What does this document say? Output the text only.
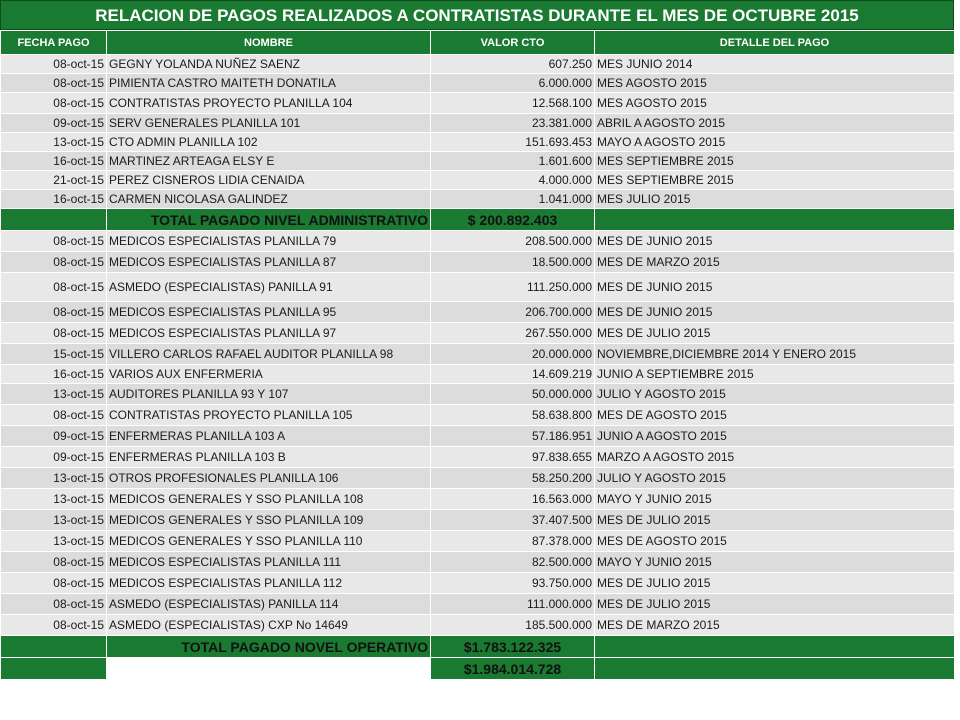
RELACION DE PAGOS REALIZADOS A CONTRATISTAS DURANTE EL MES DE OCTUBRE 2015
FECHA PAGO	NOMBRE	VALOR CTO	DETALLE DEL PAGO
08-oct-15	GEGNY YOLANDA NUÑEZ SAENZ	607.250	MES JUNIO 2014
08-oct-15	PIMIENTA CASTRO MAITETH DONATILA	6.000.000	MES AGOSTO 2015
08-oct-15	CONTRATISTAS PROYECTO PLANILLA 104	12.568.100	MES AGOSTO 2015
09-oct-15	SERV GENERALES PLANILLA 101	23.381.000	ABRIL A AGOSTO 2015
13-oct-15	CTO ADMIN PLANILLA 102	151.693.453	MAYO A AGOSTO 2015
16-oct-15	MARTINEZ ARTEAGA ELSY E	1.601.600	MES SEPTIEMBRE 2015
21-oct-15	PEREZ CISNEROS LIDIA CENAIDA	4.000.000	MES SEPTIEMBRE 2015
16-oct-15	CARMEN NICOLASA GALINDEZ	1.041.000	MES JULIO 2015
	TOTAL PAGADO NIVEL ADMINISTRATIVO	$ 200.892.403	
08-oct-15	MEDICOS ESPECIALISTAS PLANILLA 79	208.500.000	MES DE JUNIO 2015
08-oct-15	MEDICOS ESPECIALISTAS PLANILLA 87	18.500.000	MES DE MARZO 2015
08-oct-15	ASMEDO (ESPECIALISTAS) PANILLA 91	111.250.000	MES DE JUNIO 2015
08-oct-15	MEDICOS ESPECIALISTAS PLANILLA 95	206.700.000	MES DE JUNIO 2015
08-oct-15	MEDICOS ESPECIALISTAS PLANILLA 97	267.550.000	MES DE JULIO 2015
15-oct-15	VILLERO CARLOS RAFAEL AUDITOR PLANILLA 98	20.000.000	NOVIEMBRE,DICIEMBRE 2014 Y ENERO 2015
16-oct-15	VARIOS AUX ENFERMERIA	14.609.219	JUNIO A SEPTIEMBRE 2015
13-oct-15	AUDITORES PLANILLA 93 Y 107	50.000.000	JULIO Y AGOSTO 2015
08-oct-15	CONTRATISTAS PROYECTO PLANILLA 105	58.638.800	MES DE AGOSTO 2015
09-oct-15	ENFERMERAS PLANILLA 103 A	57.186.951	JUNIO A AGOSTO 2015
09-oct-15	ENFERMERAS PLANILLA 103 B	97.838.655	MARZO A AGOSTO 2015
13-oct-15	OTROS PROFESIONALES PLANILLA 106	58.250.200	JULIO Y AGOSTO 2015
13-oct-15	MEDICOS GENERALES Y SSO PLANILLA 108	16.563.000	MAYO Y JUNIO 2015
13-oct-15	MEDICOS GENERALES Y SSO PLANILLA 109	37.407.500	MES DE JULIO 2015
13-oct-15	MEDICOS GENERALES Y SSO PLANILLA 110	87.378.000	MES DE AGOSTO 2015
08-oct-15	MEDICOS ESPECIALISTAS PLANILLA 111	82.500.000	MAYO Y JUNIO 2015
08-oct-15	MEDICOS ESPECIALISTAS PLANILLA 112	93.750.000	MES DE JULIO 2015
08-oct-15	ASMEDO (ESPECIALISTAS) PANILLA 114	111.000.000	MES DE JULIO 2015
08-oct-15	ASMEDO (ESPECIALISTAS) CXP No 14649	185.500.000	MES DE MARZO 2015
	TOTAL PAGADO NOVEL OPERATIVO	$1.783.122.325	
		$1.984.014.728	
